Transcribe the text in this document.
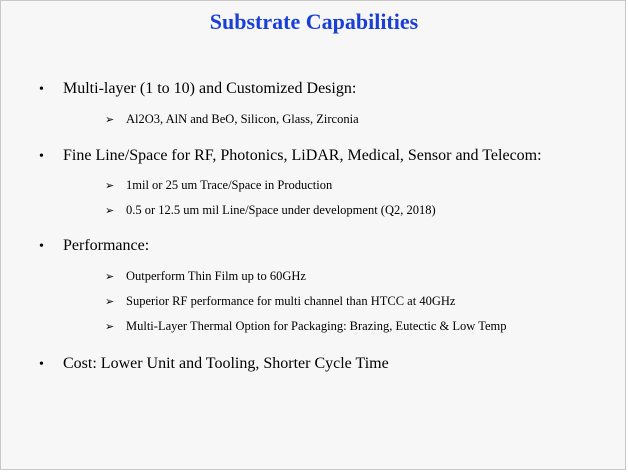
Substrate Capabilities
• Multi-layer (1 to 10) and Customized Design:
➢ Al2O3, AlN and BeO, Silicon, Glass, Zirconia
• Fine Line/Space for RF, Photonics, LiDAR, Medical, Sensor and Telecom:
➢ 1mil or 25 um Trace/Space in Production
➢ 0.5 or 12.5 um mil Line/Space under development (Q2, 2018)
• Performance:
➢ Outperform Thin Film up to 60GHz
➢ Superior RF performance for multi channel than HTCC at 40GHz
➢ Multi-Layer Thermal Option for Packaging: Brazing, Eutectic & Low Temp
• Cost: Lower Unit and Tooling, Shorter Cycle Time
